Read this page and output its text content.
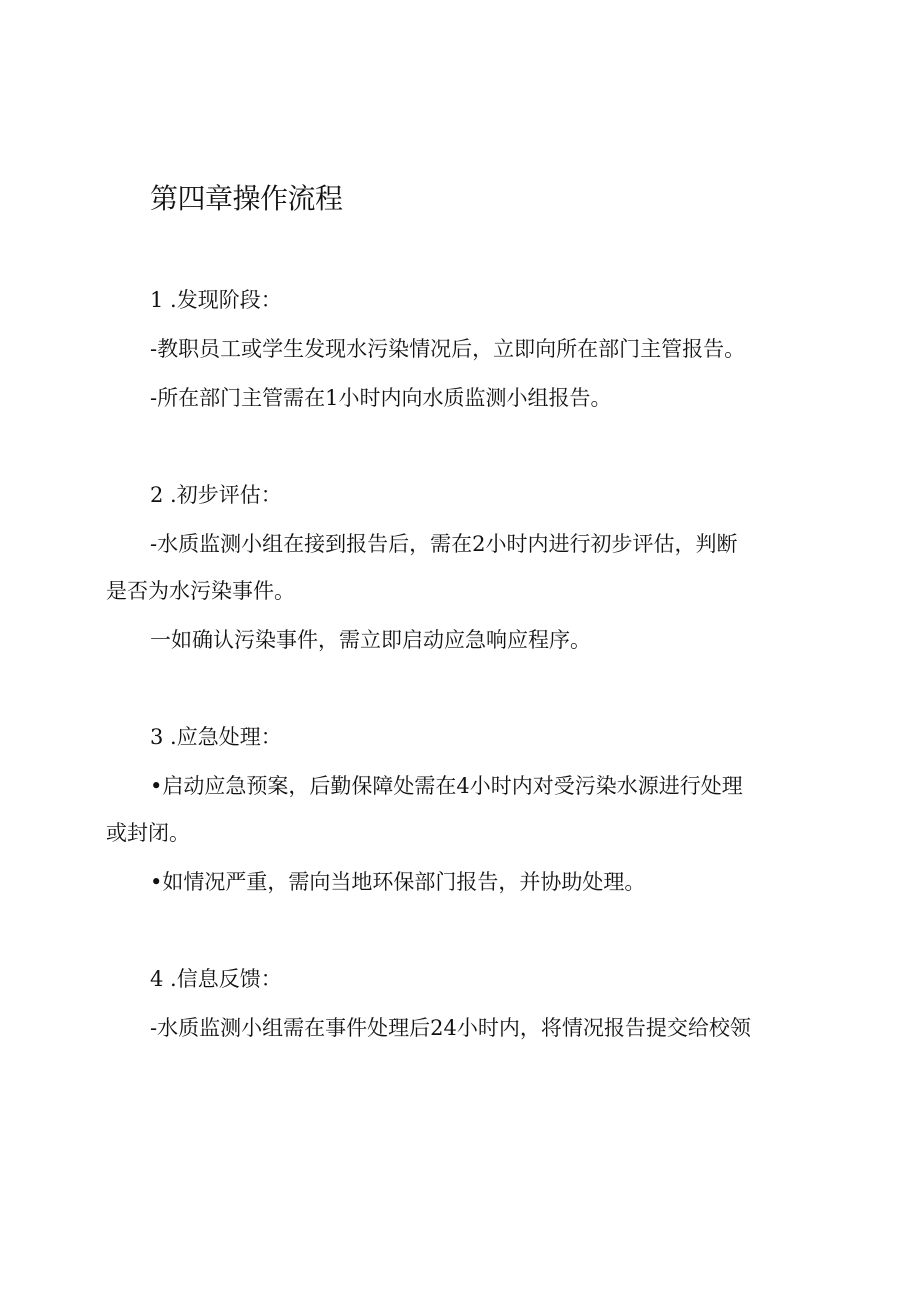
第四章操作流程
1 .发现阶段：
-教职员工或学生发现水污染情况后，立即向所在部门主管报告。
-所在部门主管需在1小时内向水质监测小组报告。
2 .初步评估：
-水质监测小组在接到报告后，需在2小时内进行初步评估，判断
是否为水污染事件。
一如确认污染事件，需立即启动应急响应程序。
3 .应急处理：
•启动应急预案，后勤保障处需在4小时内对受污染水源进行处理
或封闭。
•如情况严重，需向当地环保部门报告，并协助处理。
4 .信息反馈：
-水质监测小组需在事件处理后24小时内，将情况报告提交给校领
